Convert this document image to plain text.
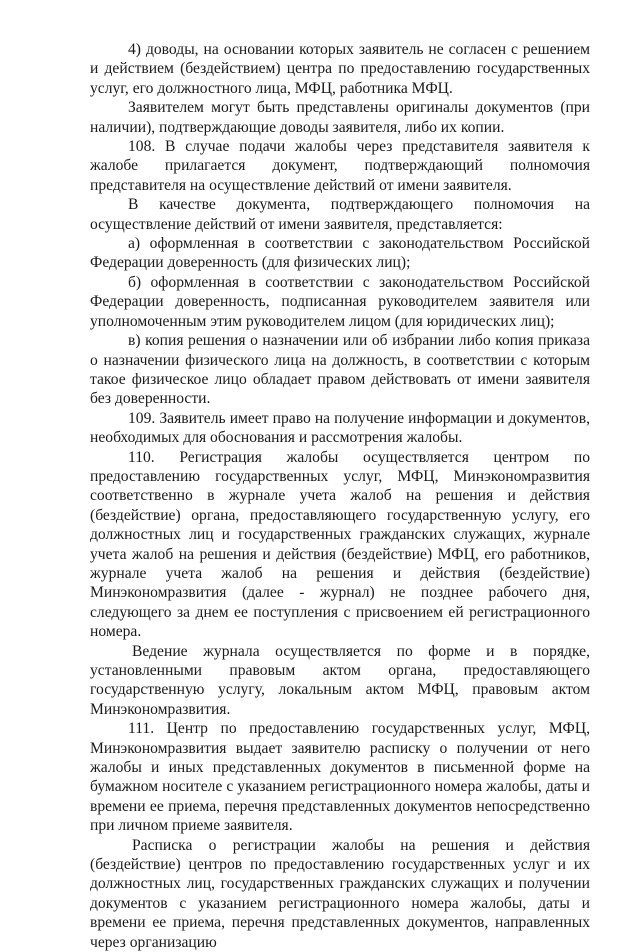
4) доводы, на основании которых заявитель не согласен с решением и действием (бездействием) центра по предоставлению государственных услуг, его должностного лица, МФЦ, работника МФЦ.

Заявителем могут быть представлены оригиналы документов (при наличии), подтверждающие доводы заявителя, либо их копии.

108. В случае подачи жалобы через представителя заявителя к жалобе прилагается документ, подтверждающий полномочия представителя на осуществление действий от имени заявителя.

В качестве документа, подтверждающего полномочия на осуществление действий от имени заявителя, представляется:

а) оформленная в соответствии с законодательством Российской Федерации доверенность (для физических лиц);

б) оформленная в соответствии с законодательством Российской Федерации доверенность, подписанная руководителем заявителя или уполномоченным этим руководителем лицом (для юридических лиц);

в) копия решения о назначении или об избрании либо копия приказа о назначении физического лица на должность, в соответствии с которым такое физическое лицо обладает правом действовать от имени заявителя без доверенности.

109. Заявитель имеет право на получение информации и документов, необходимых для обоснования и рассмотрения жалобы.

110. Регистрация жалобы осуществляется центром по предоставлению государственных услуг, МФЦ, Минэкономразвития соответственно в журнале учета жалоб на решения и действия (бездействие) органа, предоставляющего государственную услугу, его должностных лиц и государственных гражданских служащих, журнале учета жалоб на решения и действия (бездействие) МФЦ, его работников, журнале учета жалоб на решения и действия (бездействие) Минэкономразвития (далее - журнал) не позднее рабочего дня, следующего за днем ее поступления с присвоением ей регистрационного номера.

Ведение журнала осуществляется по форме и в порядке, установленными правовым актом органа, предоставляющего государственную услугу, локальным актом МФЦ, правовым актом Минэкономразвития.

111. Центр по предоставлению государственных услуг, МФЦ, Минэкономразвития выдает заявителю расписку о получении от него жалобы и иных представленных документов в письменной форме на бумажном носителе с указанием регистрационного номера жалобы, даты и времени ее приема, перечня представленных документов непосредственно при личном приеме заявителя.

Расписка о регистрации жалобы на решения и действия (бездействие) центров по предоставлению государственных услуг и их должностных лиц, государственных гражданских служащих и получении документов с указанием регистрационного номера жалобы, даты и времени ее приема, перечня представленных документов, направленных через организацию
